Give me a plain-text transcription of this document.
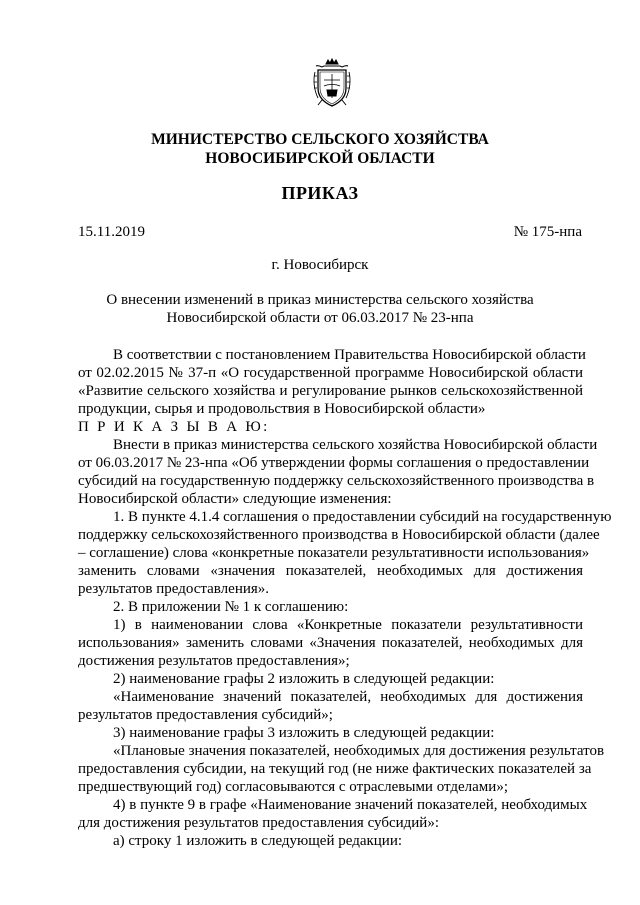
МИНИСТЕРСТВО СЕЛЬСКОГО ХОЗЯЙСТВА
НОВОСИБИРСКОЙ ОБЛАСТИ
ПРИКАЗ
15.11.2019	№ 175-нпа
г. Новосибирск
О внесении изменений в приказ министерства сельского хозяйства
Новосибирской области от 06.03.2017 № 23-нпа
В соответствии с постановлением Правительства Новосибирской области
от 02.02.2015 № 37-п «О государственной программе Новосибирской области
«Развитие сельского хозяйства и регулирование рынков сельскохозяйственной
продукции, сырья и продовольствия в Новосибирской области»
П Р И К А З Ы В А Ю:
Внести в приказ министерства сельского хозяйства Новосибирской области
от 06.03.2017 № 23-нпа «Об утверждении формы соглашения о предоставлении
субсидий на государственную поддержку сельскохозяйственного производства в
Новосибирской области» следующие изменения:
1. В пункте 4.1.4 соглашения о предоставлении субсидий на государственную
поддержку сельскохозяйственного производства в Новосибирской области (далее
– соглашение) слова «конкретные показатели результативности использования»
заменить словами «значения показателей, необходимых для достижения
результатов предоставления».
2. В приложении № 1 к соглашению:
1) в наименовании слова «Конкретные показатели результативности
использования» заменить словами «Значения показателей, необходимых для
достижения результатов предоставления»;
2) наименование графы 2 изложить в следующей редакции:
«Наименование значений показателей, необходимых для достижения
результатов предоставления субсидий»;
3) наименование графы 3 изложить в следующей редакции:
«Плановые значения показателей, необходимых для достижения результатов
предоставления субсидии, на текущий год (не ниже фактических показателей за
предшествующий год) согласовываются с отраслевыми отделами»;
4) в пункте 9 в графе «Наименование значений показателей, необходимых
для достижения результатов предоставления субсидий»:
а) строку 1 изложить в следующей редакции:
